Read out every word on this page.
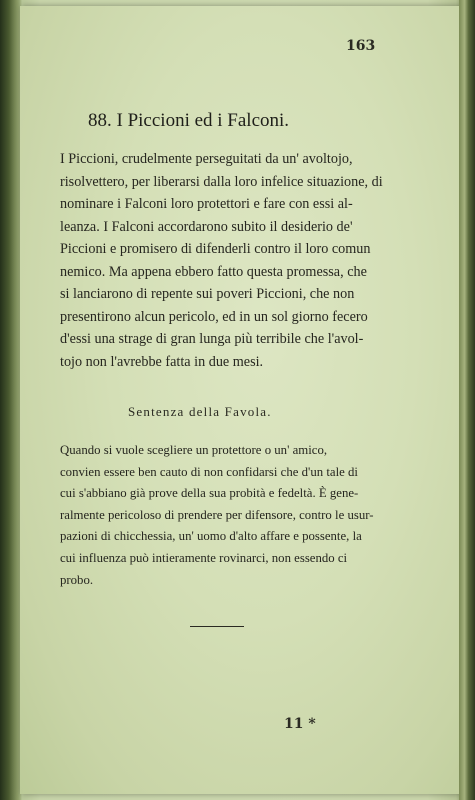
163
88. I Piccioni ed i Falconi.

I Piccioni, crudelmente perseguitati da un' avoltojo,

risolvettero, per liberarsi dalla loro infelice situazione, di

nominare i Falconi loro protettori e fare con essi al-

leanza. I Falconi accordarono subito il desiderio de'

Piccioni e promisero di difenderli contro il loro comun

nemico. Ma appena ebbero fatto questa promessa, che

si lanciarono di repente sui poveri Piccioni, che non

presentirono alcun pericolo, ed in un sol giorno fecero

d'essi una strage di gran lunga più terribile che l'avol-

tojo non l'avrebbe fatta in due mesi.

Sentenza della Favola.

Quando si vuole scegliere un protettore o un' amico,

convien essere ben cauto di non confidarsi che d'un tale di

cui s'abbiano già prove della sua probità e fedeltà. È gene-

ralmente pericoloso di prendere per difensore, contro le usur-

pazioni di chicchessia, un' uomo d'alto affare e possente, la

cui influenza può intieramente rovinarci, non essendo ci

probo.

11 *
